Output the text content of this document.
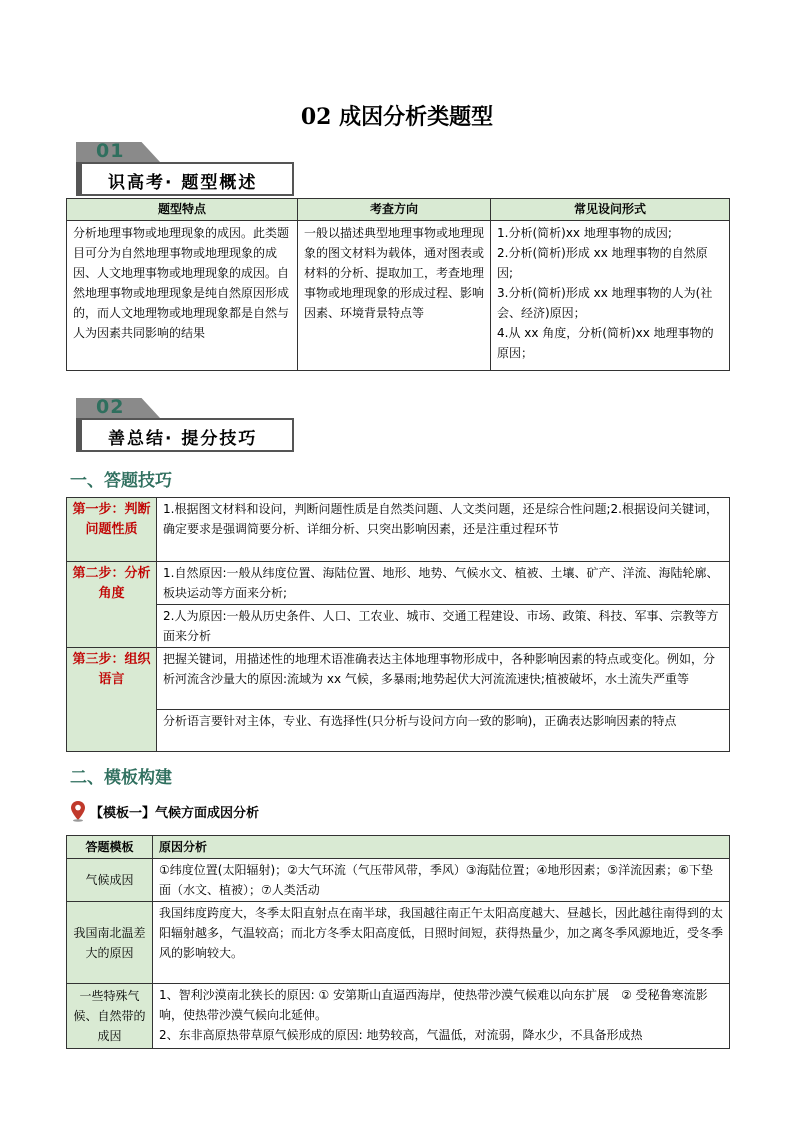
02 成因分析类题型
01
识高考· 题型概述
题型特点	考查方向	常见设问形式
分析地理事物或地理现象的成因。此类题目可分为自然地理事物或地理现象的成因、人文地理事物或地理现象的成因。自然地理事物或地理现象是纯自然原因形成的，而人文地理物或地理现象都是自然与人为因素共同影响的结果	一般以描述典型地理事物或地理现象的图文材料为载体，通对图表或材料的分析、提取加工，考查地理事物或地理现象的形成过程、影响因素、环境背景特点等	1.分析(简析)xx 地理事物的成因;
2.分析(简析)形成 xx 地理事物的自然原因;
3.分析(简析)形成 xx 地理事物的人为(社会、经济)原因；
4.从 xx 角度，分析(简析)xx 地理事物的原因；
02
善总结· 提分技巧
一、答题技巧
第一步：判断问题性质	1.根据图文材料和设问，判断问题性质是自然类问题、人文类问题，还是综合性问题;2.根据设问关键词，确定要求是强调简要分析、详细分析、只突出影响因素，还是注重过程环节
第二步：分析角度	1.自然原因:一般从纬度位置、海陆位置、地形、地势、气候水文、植被、土壤、矿产、洋流、海陆轮廓、板块运动等方面来分析;
	2.人为原因:一般从历史条件、人口、工农业、城市、交通工程建设、市场、政策、科技、军事、宗教等方面来分析
第三步：组织语言	把握关键词，用描述性的地理术语准确表达主体地理事物形成中，各种影响因素的特点或变化。例如，分析河流含沙量大的原因:流域为 xx 气候，多暴雨;地势起伏大河流流速快;植被破坏，水土流失严重等
	分析语言要针对主体，专业、有选择性(只分析与设问方向一致的影响)，正确表达影响因素的特点
二、模板构建
【模板一】气候方面成因分析
答题模板	原因分析
气候成因	①纬度位置(太阳辐射)；②大气环流（气压带风带，季风）③海陆位置；④地形因素；⑤洋流因素；⑥下垫面（水文、植被）；⑦人类活动
我国南北温差大的原因	我国纬度跨度大，冬季太阳直射点在南半球，我国越往南正午太阳高度越大、昼越长，因此越往南得到的太阳辐射越多，气温较高；而北方冬季太阳高度低，日照时间短，获得热量少，加之离冬季风源地近，受冬季风的影响较大。
一些特殊气候、自然带的成因	1、智利沙漠南北狭长的原因: ① 安第斯山直逼西海岸，使热带沙漠气候难以向东扩展　② 受秘鲁寒流影响，使热带沙漠气候向北延伸。
2、东非高原热带草原气候形成的原因: 地势较高，气温低，对流弱，降水少，不具备形成热
